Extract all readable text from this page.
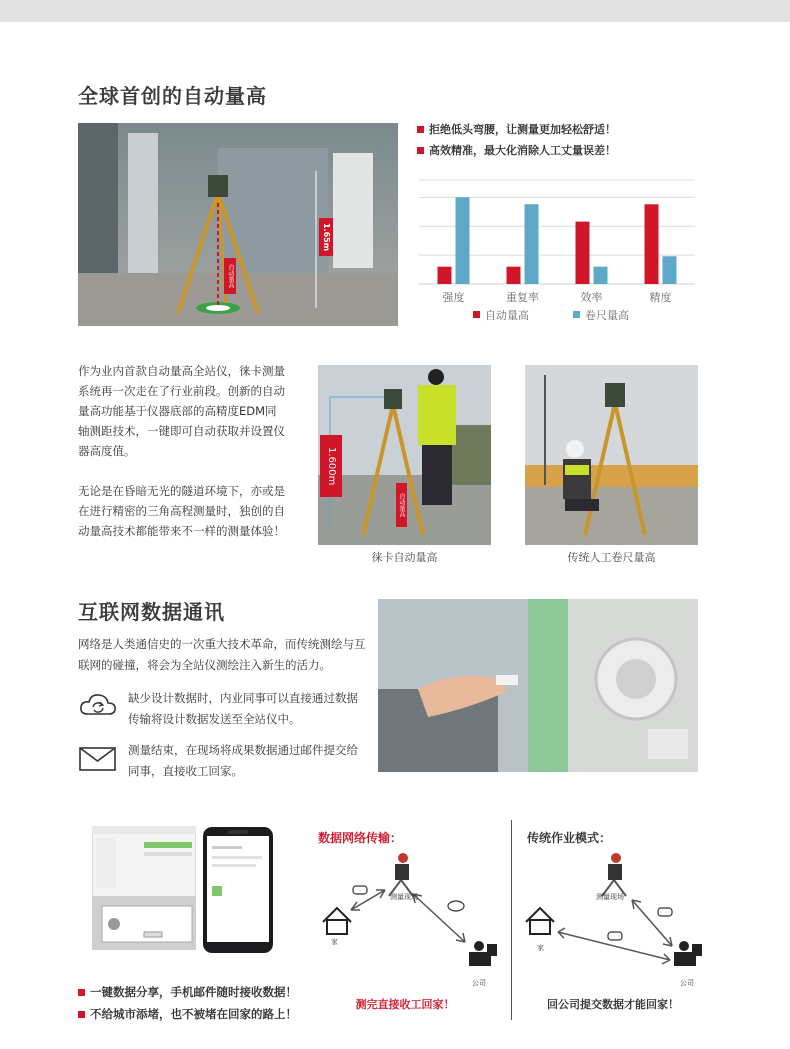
全球首创的自动量高
1.65m
自动量高
拒绝低头弯腰，让测量更加轻松舒适！
高效精准，最大化消除人工丈量误差！
强度	重复率	效率	精度
自动量高	卷尺量高
作为业内首款自动量高全站仪，徕卡测量系统再一次走在了行业前段。创新的自动量高功能基于仪器底部的高精度EDM同轴测距技术，一键即可自动获取并设置仪器高度值。
无论是在昏暗无光的隧道环境下，亦或是在进行精密的三角高程测量时，独创的自动量高技术都能带来不一样的测量体验！
1.600m
自动量高
徕卡自动量高	传统人工卷尺量高
互联网数据通讯
网络是人类通信史的一次重大技术革命，而传统测绘与互联网的碰撞，将会为全站仪测绘注入新生的活力。
缺少设计数据时，内业同事可以直接通过数据传输将设计数据发送至全站仪中。
测量结束，在现场将成果数据通过邮件提交给同事，直接收工回家。
一键数据分享，手机邮件随时接收数据！
不给城市添堵，也不被堵在回家的路上！
数据网络传输：
测量现场
家
公司
测完直接收工回家！
传统作业模式：
测量现场
家
公司
回公司提交数据才能回家！
